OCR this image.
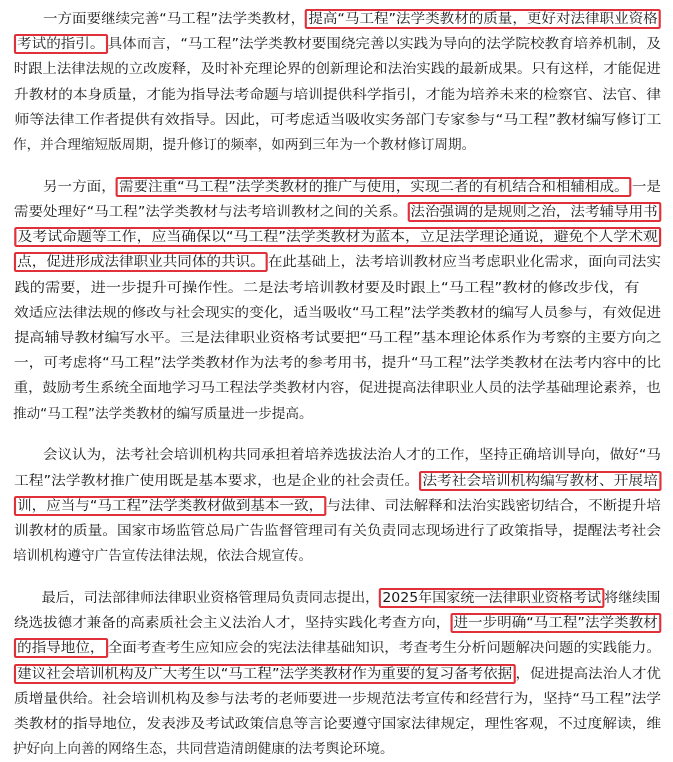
　　一方面要继续完善“马工程”法学类教材， 提高“马工程”法学类教材的质量，更好对法律职业资格
考试的指引。 具体而言，“马工程”法学类教材要围绕完善以实践为导向的法学院校教育培养机制，及
时跟上法律法规的立改废释，及时补充理论界的创新理论和法治实践的最新成果。只有这样，才能促进
升教材的本身质量，才能为指导法考命题与培训提供科学指引，才能为培养未来的检察官、法官、律
师等法律工作者提供有效指导。因此，可考虑适当吸收实务部门专家参与“马工程”教材编写修订工
作，并合理缩短版周期，提升修订的频率，如两到三年为一个教材修订周期。
　　另一方面， 需要注重“马工程”法学类教材的推广与使用，实现二者的有机结合和相辅相成。 一是
需要处理好“马工程”法学类教材与法考培训教材之间的关系。 法治强调的是规则之治，法考辅导用书
及考试命题等工作，应当确保以“马工程”法学类教材为蓝本，立足法学理论通说，避免个人学术观
点，促进形成法律职业共同体的共识。 在此基础上，法考培训教材应当考虑职业化需求，面向司法实
践的需要，进一步提升可操作性。二是法考培训教材要及时跟上“马工程”教材的修改步伐，有
效适应法律法规的修改与社会现实的变化，适当吸收“马工程”法学类教材的编写人员参与，有效促进
提高辅导教材编写水平。三是法律职业资格考试要把“马工程”基本理论体系作为考察的主要方向之
一，可考虑将“马工程”法学类教材作为法考的参考用书，提升“马工程”法学类教材在法考内容中的比
重，鼓励考生系统全面地学习马工程法学类教材内容，促进提高法律职业人员的法学基础理论素养，也
推动“马工程”法学类教材的编写质量进一步提高。
　　会议认为，法考社会培训机构共同承担着培养选拔法治人才的工作，坚持正确培训导向，做好“马
工程”法学教材推广使用既是基本要求，也是企业的社会责任。 法考社会培训机构编写教材、开展培
训，应当与“马工程”法学类教材做到基本一致， 与法律、司法解释和法治实践密切结合，不断提升培
训教材的质量。国家市场监管总局广告监督管理司有关负责同志现场进行了政策指导，提醒法考社会
培训机构遵守广告宣传法律法规，依法合规宣传。
　　最后，司法部律师法律职业资格管理局负责同志提出， 2025年国家统一法律职业资格考试 将继续围
绕选拔德才兼备的高素质社会主义法治人才，坚持实践化考查方向， 进一步明确“马工程”法学类教材
的指导地位， 全面考查考生应知应会的宪法法律基础知识，考查考生分析问题解决问题的实践能力。
建议社会培训机构及广大考生以“马工程”法学类教材作为重要的复习备考依据 ，促进提高法治人才优
质增量供给。社会培训机构及参与法考的老师要进一步规范法考宣传和经营行为，坚持“马工程”法学
类教材的指导地位，发表涉及考试政策信息等言论要遵守国家法律规定，理性客观，不过度解读，维
护好向上向善的网络生态，共同营造清朗健康的法考舆论环境。
